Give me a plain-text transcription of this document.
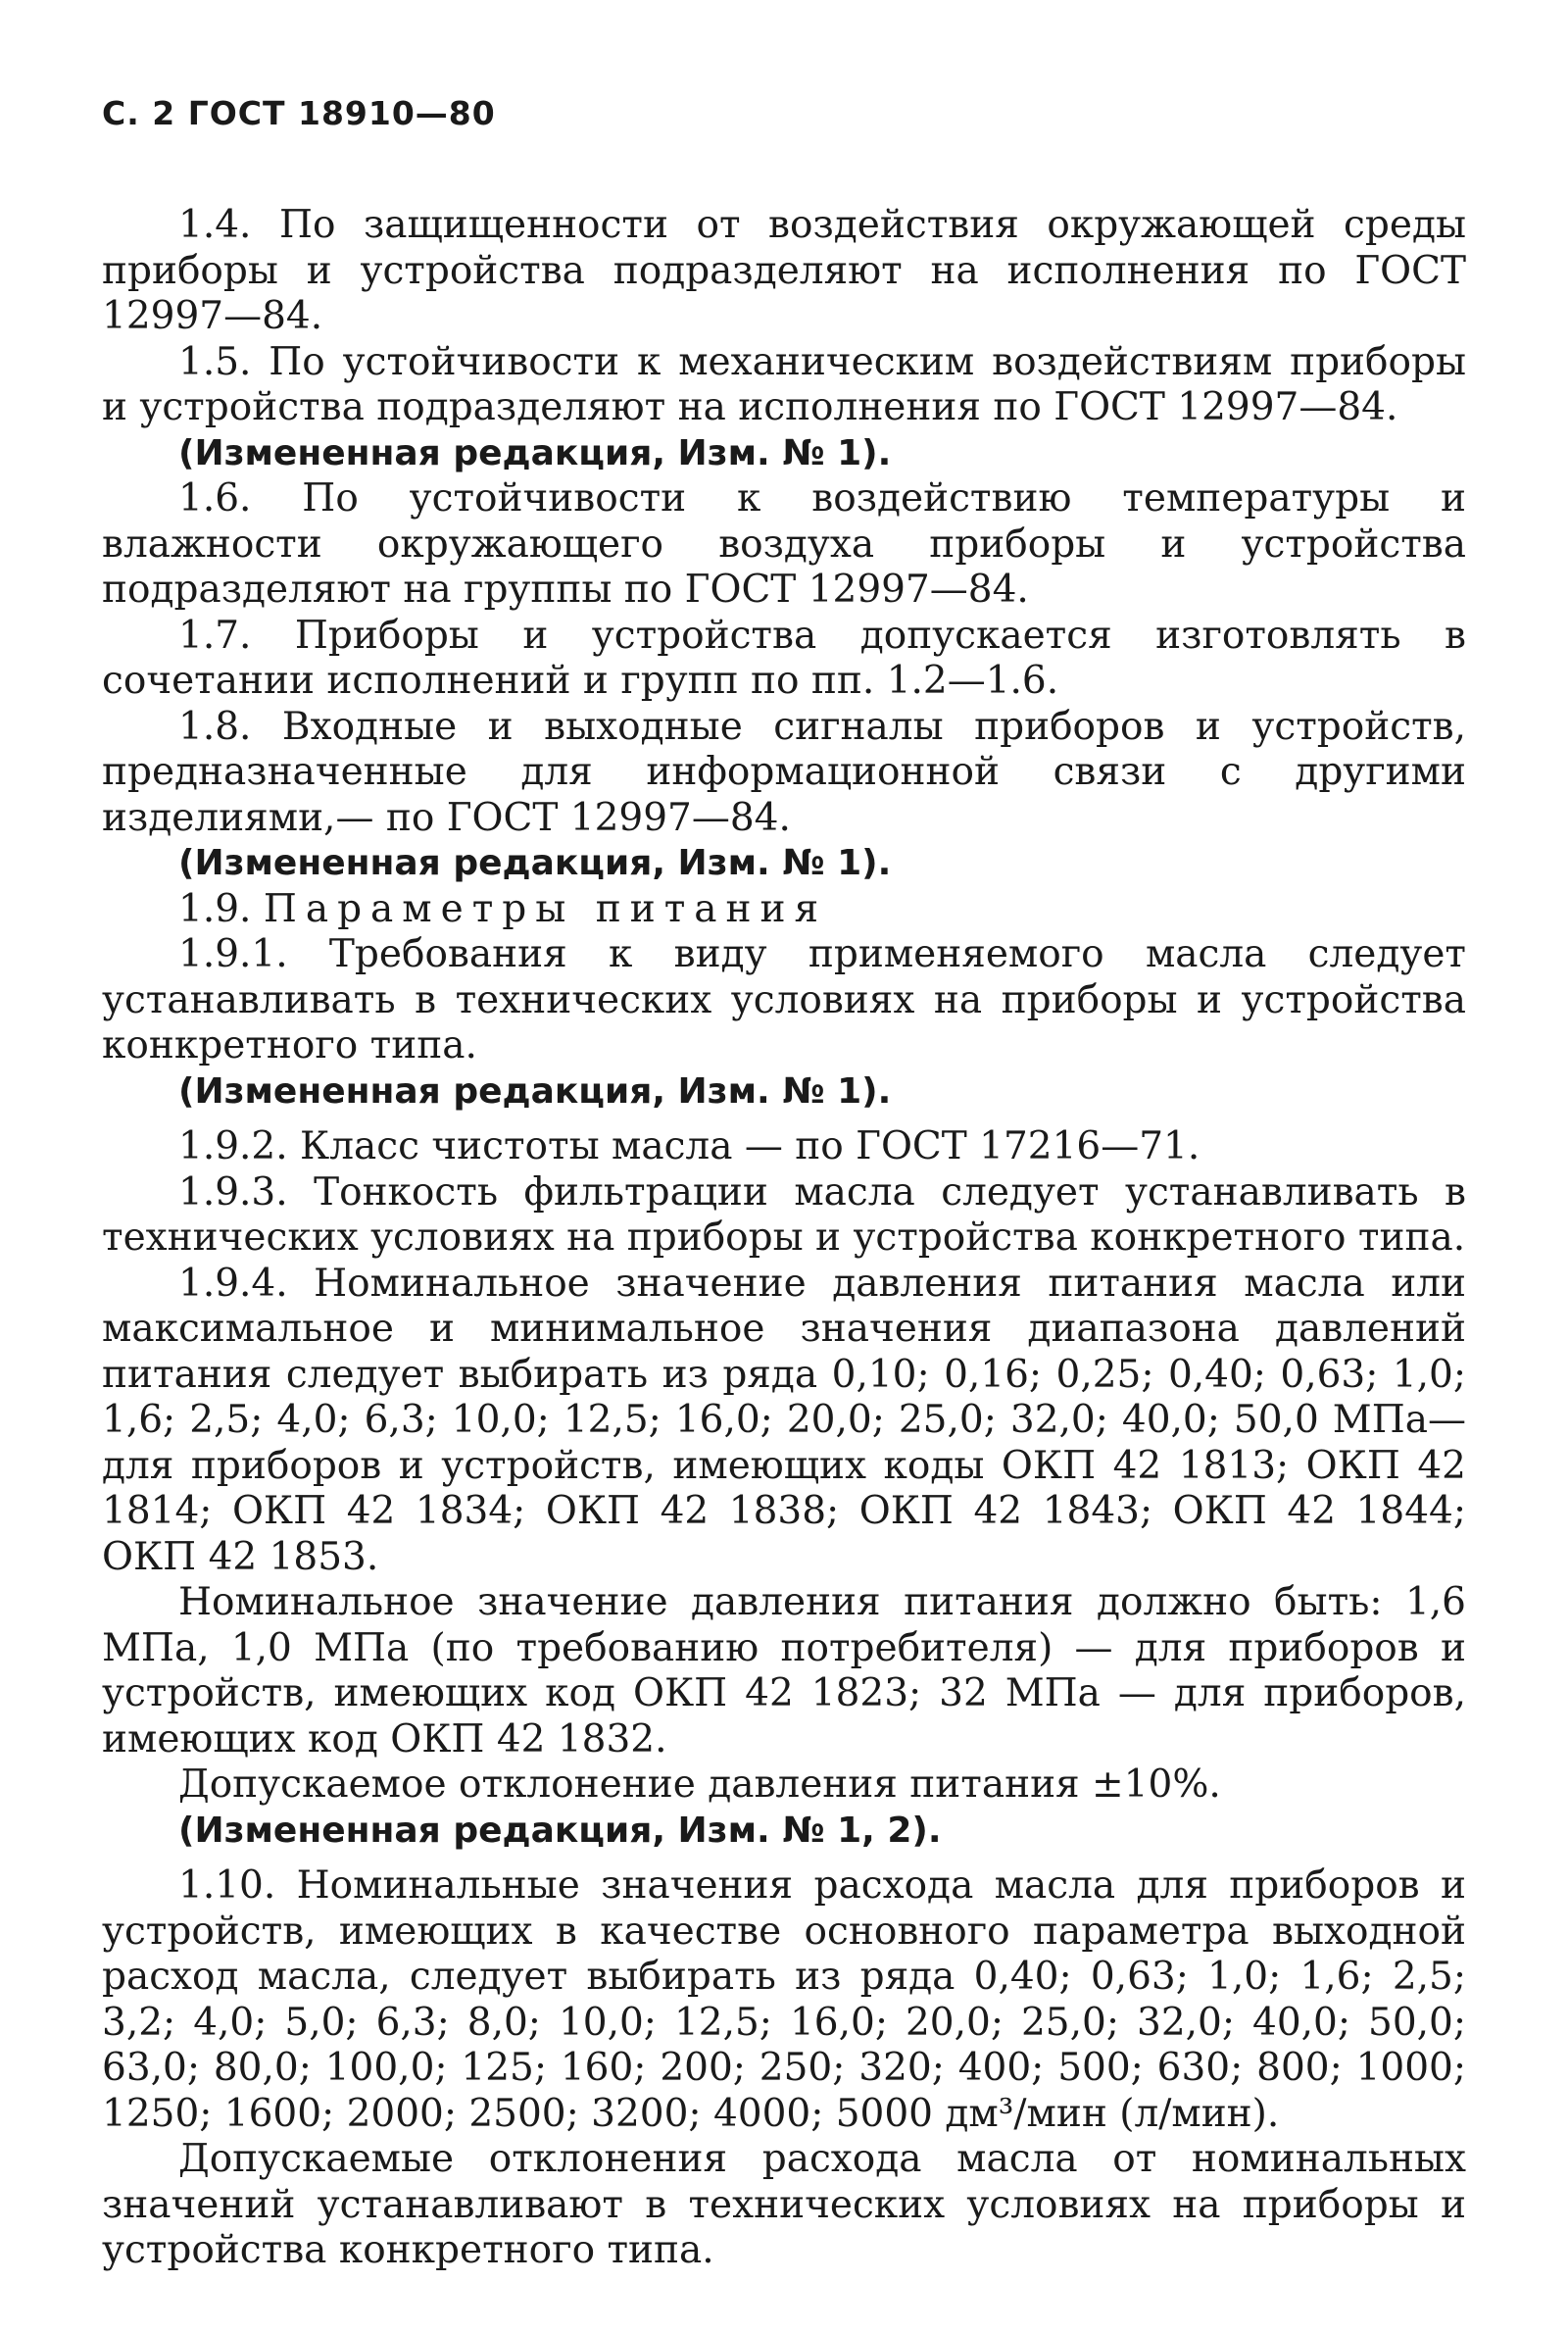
С. 2 ГОСТ 18910—80

1.4. По защищенности от воздействия окружающей среды приборы и устройства подразделяют на исполнения по ГОСТ 12997—84.

1.5. По устойчивости к механическим воздействиям приборы и устройства подразделяют на исполнения по ГОСТ 12997—84.

(Измененная редакция, Изм. № 1).

1.6. По устойчивости к воздействию температуры и влажности окружающего воздуха приборы и устройства подразделяют на группы по ГОСТ 12997—84.

1.7. Приборы и устройства допускается изготовлять в сочетании исполнений и групп по пп. 1.2—1.6.

1.8. Входные и выходные сигналы приборов и устройств, предназначенные для информационной связи с другими изделиями,— по ГОСТ 12997—84.

(Измененная редакция, Изм. № 1).

1.9. Параметры питания

1.9.1. Требования к виду применяемого масла следует устанавливать в технических условиях на приборы и устройства конкретного типа.

(Измененная редакция, Изм. № 1).

1.9.2. Класс чистоты масла — по ГОСТ 17216—71.

1.9.3. Тонкость фильтрации масла следует устанавливать в технических условиях на приборы и устройства конкретного типа.

1.9.4. Номинальное значение давления питания масла или максимальное и минимальное значения диапазона давлений питания следует выбирать из ряда 0,10; 0,16; 0,25; 0,40; 0,63; 1,0; 1,6; 2,5; 4,0; 6,3; 10,0; 12,5; 16,0; 20,0; 25,0; 32,0; 40,0; 50,0 МПа—для приборов и устройств, имеющих коды ОКП 42 1813; ОКП 42 1814; ОКП 42 1834; ОКП 42 1838; ОКП 42 1843; ОКП 42 1844; ОКП 42 1853.

Номинальное значение давления питания должно быть: 1,6 МПа, 1,0 МПа (по требованию потребителя) — для приборов и устройств, имеющих код ОКП 42 1823; 32 МПа — для приборов, имеющих код ОКП 42 1832.

Допускаемое отклонение давления питания ±10%.

(Измененная редакция, Изм. № 1, 2).

1.10. Номинальные значения расхода масла для приборов и устройств, имеющих в качестве основного параметра выходной расход масла, следует выбирать из ряда 0,40; 0,63; 1,0; 1,6; 2,5; 3,2; 4,0; 5,0; 6,3; 8,0; 10,0; 12,5; 16,0; 20,0; 25,0; 32,0; 40,0; 50,0; 63,0; 80,0; 100,0; 125; 160; 200; 250; 320; 400; 500; 630; 800; 1000; 1250; 1600; 2000; 2500; 3200; 4000; 5000 дм³/мин (л/мин).

Допускаемые отклонения расхода масла от номинальных значений устанавливают в технических условиях на приборы и устройства конкретного типа.
